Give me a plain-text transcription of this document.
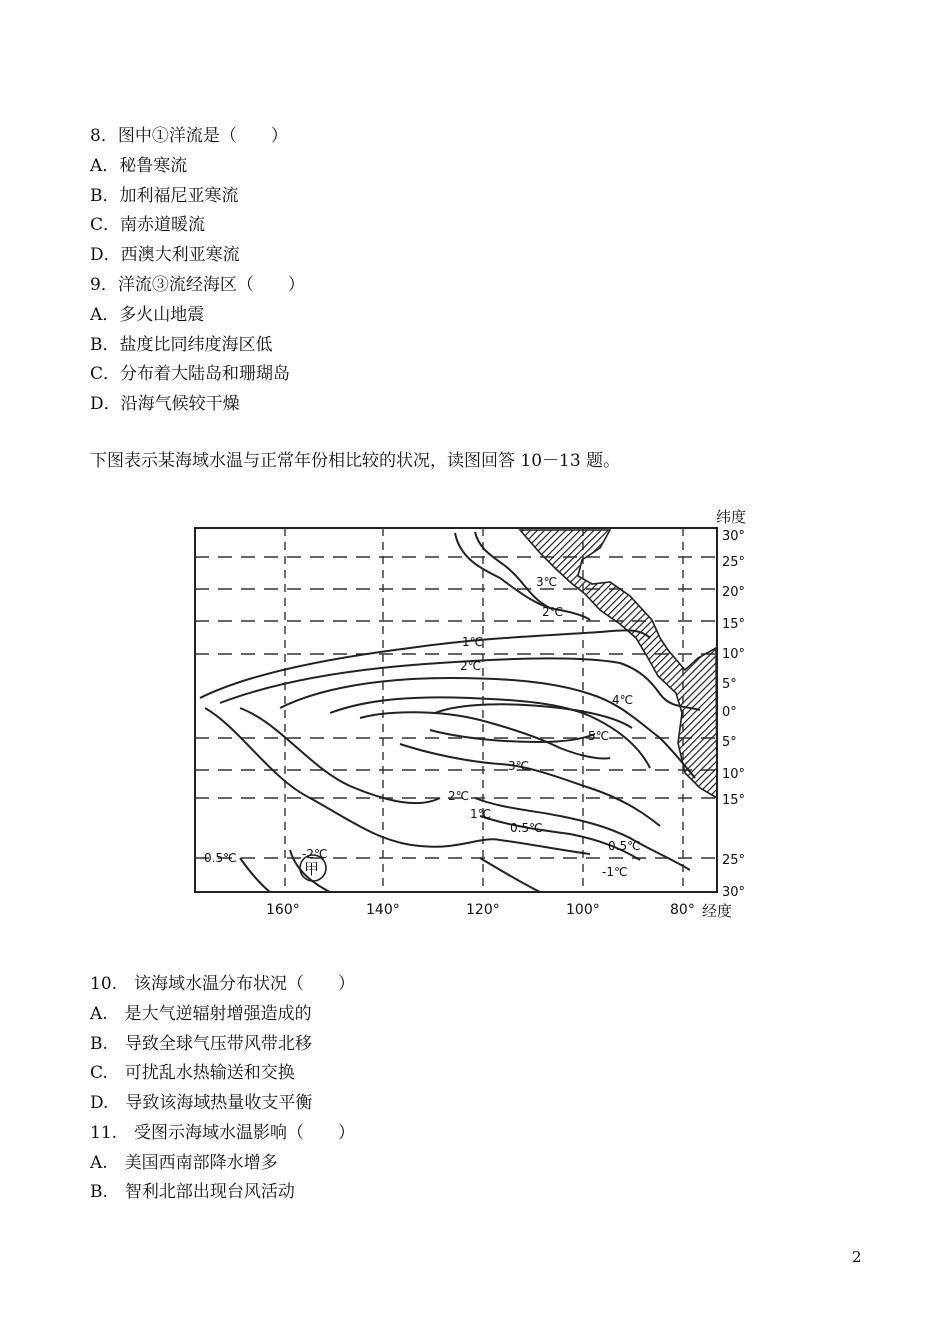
8．图中①洋流是（　　）
A．秘鲁寒流
B．加利福尼亚寒流
C．南赤道暖流
D．西澳大利亚寒流
9．洋流③流经海区（　　）
A．多火山地震
B．盐度比同纬度海区低
C．分布着大陆岛和珊瑚岛
D．沿海气候较干燥
下图表示某海域水温与正常年份相比较的状况，读图回答 10－13 题。
3℃
2℃
1℃
2℃
4℃
5℃
3℃
2℃
1℃
0.5℃
0.5℃
-2℃
0.5℃
-1℃
甲
纬度
30°
25°
20°
15°
10°
5°
0°
5°
10°
15°
25°
30°
160°	140°	120°	100°	80° 经度
10.　该海域水温分布状况（　　）
A.　是大气逆辐射增强造成的
B.　导致全球气压带风带北移
C.　可扰乱水热输送和交换
D.　导致该海域热量收支平衡
11.　受图示海域水温影响（　　）
A.　美国西南部降水增多
B.　智利北部出现台风活动
2
